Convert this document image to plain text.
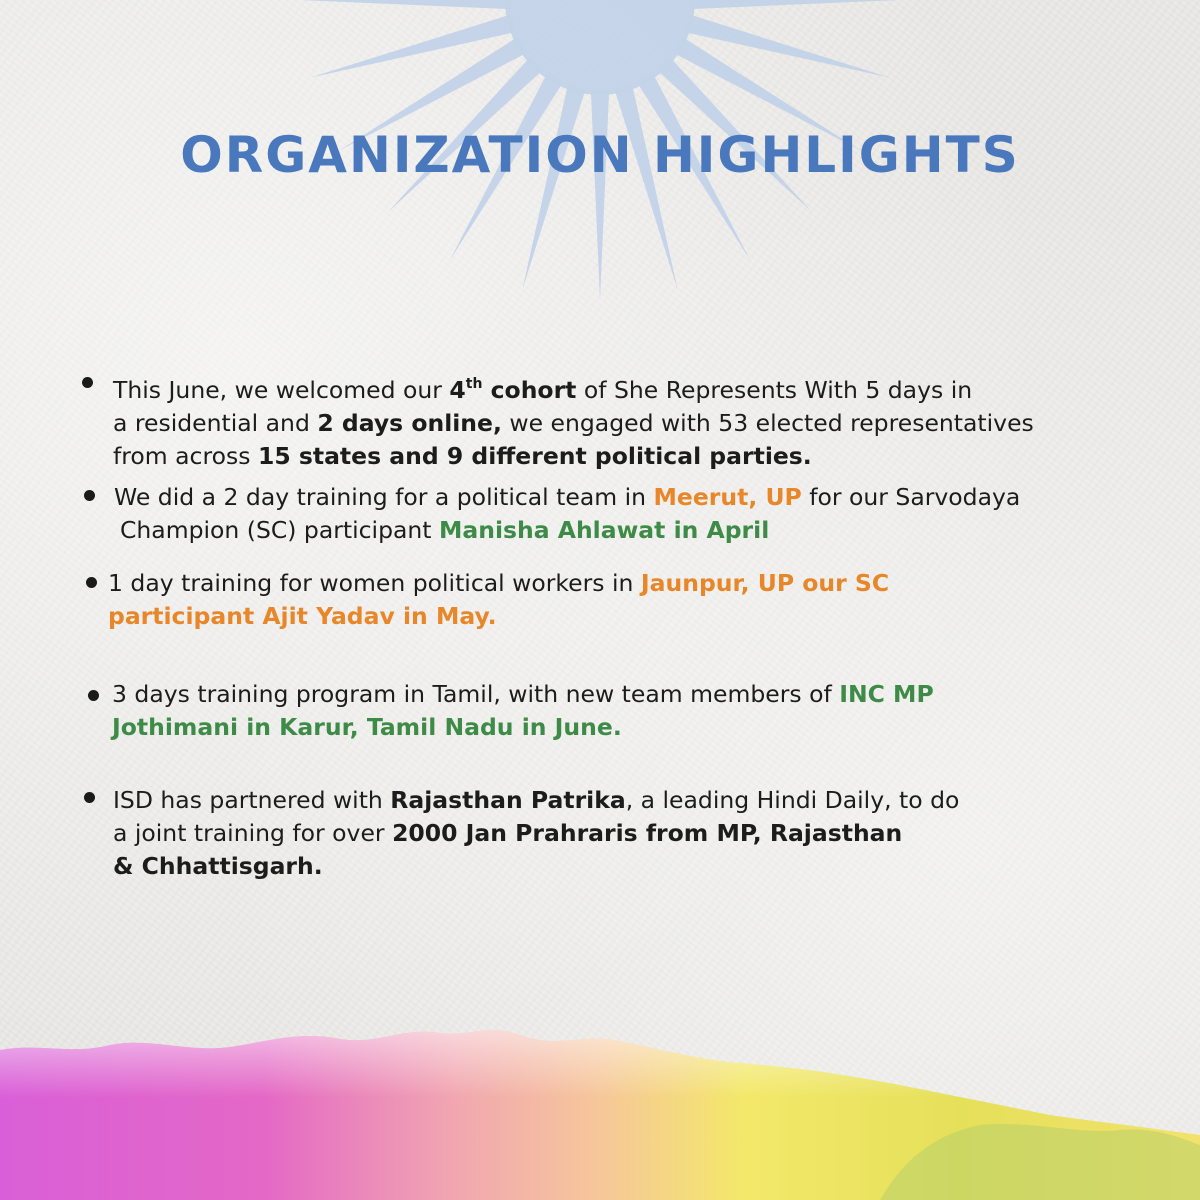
ORGANIZATION HIGHLIGHTS
This June, we welcomed our 4th cohort of She Represents With 5 days in
a residential and 2 days online, we engaged with 53 elected representatives
from across 15 states and 9 different political parties.
We did a 2 day training for a political team in Meerut, UP for our Sarvodaya
Champion (SC) participant Manisha Ahlawat in April
1 day training for women political workers in Jaunpur, UP our SC
participant Ajit Yadav in May.
3 days training program in Tamil, with new team members of INC MP
Jothimani in Karur, Tamil Nadu in June.
ISD has partnered with Rajasthan Patrika, a leading Hindi Daily, to do
a joint training for over 2000 Jan Prahraris from MP, Rajasthan
& Chhattisgarh.
